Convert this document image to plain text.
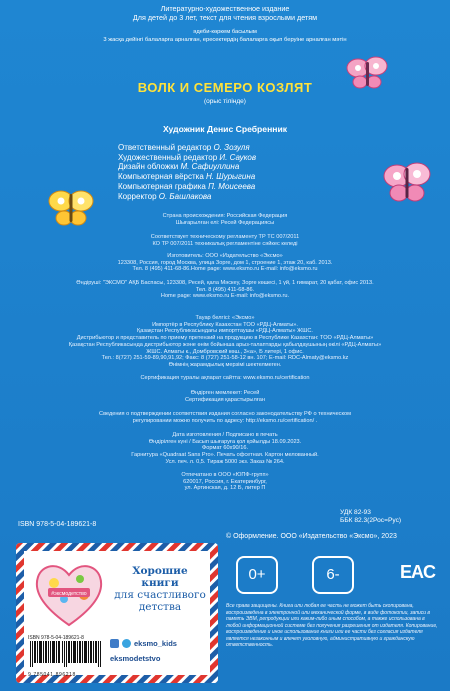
Литературно-художественное издание
Для детей до 3 лет, текст для чтения взрослыми детям
әдеби-көркем басылым
3 жасқа дейінгі балаларға арналған, ересектердің балаларға оқып беруіне арналған мәтін
ВОЛК И СЕМЕРО КОЗЛЯТ
(орыс тілінде)
Художник Денис Сребренник
Ответственный редактор О. Зозуля
Художественный редактор И. Сауков
Дизайн обложки М. Сафиуллина
Компьютерная вёрстка Н. Шурыгина
Компьютерная графика П. Моисеева
Корректор О. Башлакова
Страна происхождения: Российская Федерация
Шығарылған елі: Ресей Федерациясы
Соответствует техническому регламенту ТР ТС 007/2011
КО ТР 007/2011 техникалық регламентіне сәйкес келеді
Изготовитель: ООО «Издательство «Эксмо»
123308, Россия, город Москва, улица Зорге, дом 1, строение 1, этаж 20, каб. 2013.
Тел. 8 (495) 411-68-86.Home page: www.eksmo.ru E-mail: info@eksmo.ru
Өндіруші: "ЭКСМО" АҚБ Баспасы, 123308, Ресей, қала Мәскеу, Зорге көшесі, 1 үй, 1 ғимарат, 20 қабат, офис 2013.
Тел. 8 (495) 411-68-86.
Home page: www.eksmo.ru E-mail: info@eksmo.ru.
Тауар белгісі: «Эксмо»
Импортёр в Республику Казахстан ТОО «РДЦ-Алматы».
Қазақстан Республикасындағы импорттаушы «РДЦ-Алматы» ЖШС.
Дистрибьютор и представитель по приему претензий на продукцию в Республике Казахстан: ТОО «РДЦ-Алматы»
Қазақстан Республикасында дистрибьютор және өнім бойынша арыз-талаптарды қабылдаушының өкілі «РДЦ-Алматы»
ЖШС. Алматы к., Домбровский көш., 3«а», Б литері, 1 офис.
Тел.: 8(727) 251-59-89,90,91,92; Факс: 8 (727) 251-58-12 вн. 107; E-mail: RDC-Almaty@eksmo.kz
Өнімнің жарамдылық мерзімі шектелмеген.
Сертификация туралы ақпарат сайтта: www.eksmo.ru/certification
Өндірген мемлекет: Ресей
Сертификация қарастырылған
Сведения о подтверждении соответствия издания согласно законодательству РФ о техническом
регулировании можно получить по адресу: http://eksmo.ru/certification/ .
Дата изготовления / Подписано в печать
Өндірілген күні / Басып шығаруға қол қойылды 18.09.2023.
Формат 60x90/16.
Гарнитура «Quadraat Sans Pro». Печать офсетная. Картон мелованный.
Усл. печ. л. 0,5. Тираж 5000 экз. Заказ № 264.
Отпечатано в ООО «ЮПФ-групп»
620017, Россия, г. Екатеринбург,
ул. Артинская, д. 12 Б, литер П
УДК 82-93
ББК 82.3(2Рос=Рус)
ISBN 978-5-04-189621-8
© Оформление. ООО «Издательство «Эксмо», 2023
#эксмодетство
Хорошие
книги
для счастливого
детства
ISBN 978-5-04-189621-8
9 785041 896218
eksmo_kids
eksmodetstvo
0+	6-	EAC
Все права защищены. Книга или любая ее часть не может быть скопирована, воспроизведена в электронной или механической форме, в виде фотокопии, записи в память ЭВМ, репродукции или каким-либо иным способом, а также использована в любой информационной системе без получения разрешения от издателя. Копирование, воспроизведение и иное использование книги или ее части без согласия издателя является незаконным и влечет уголовную, административную и гражданскую ответственность.
